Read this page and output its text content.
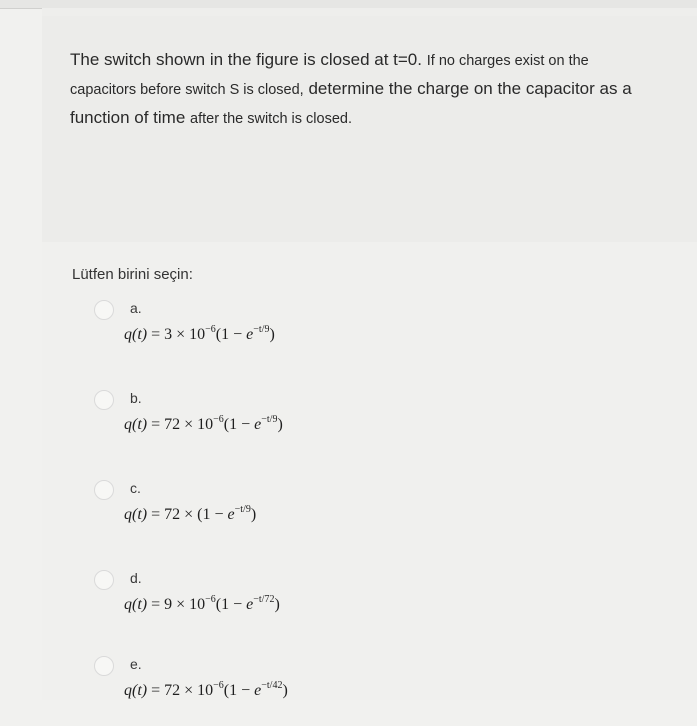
The switch shown in the figure is closed at t=0. If no charges exist on the
capacitors before switch S is closed, determine the charge on the capacitor as a
function of time after the switch is closed.

Lütfen birini seçin:
a.
$q(t) = 3 \times 10^{-6}(1 - e^{-t/9})$
b.
$q(t) = 72 \times 10^{-6}(1 - e^{-t/9})$
c.
$q(t) = 72 \times (1 - e^{-t/9})$
d.
$q(t) = 9 \times 10^{-6}(1 - e^{-t/72})$
e.
$q(t) = 72 \times 10^{-6}(1 - e^{-t/42})$
